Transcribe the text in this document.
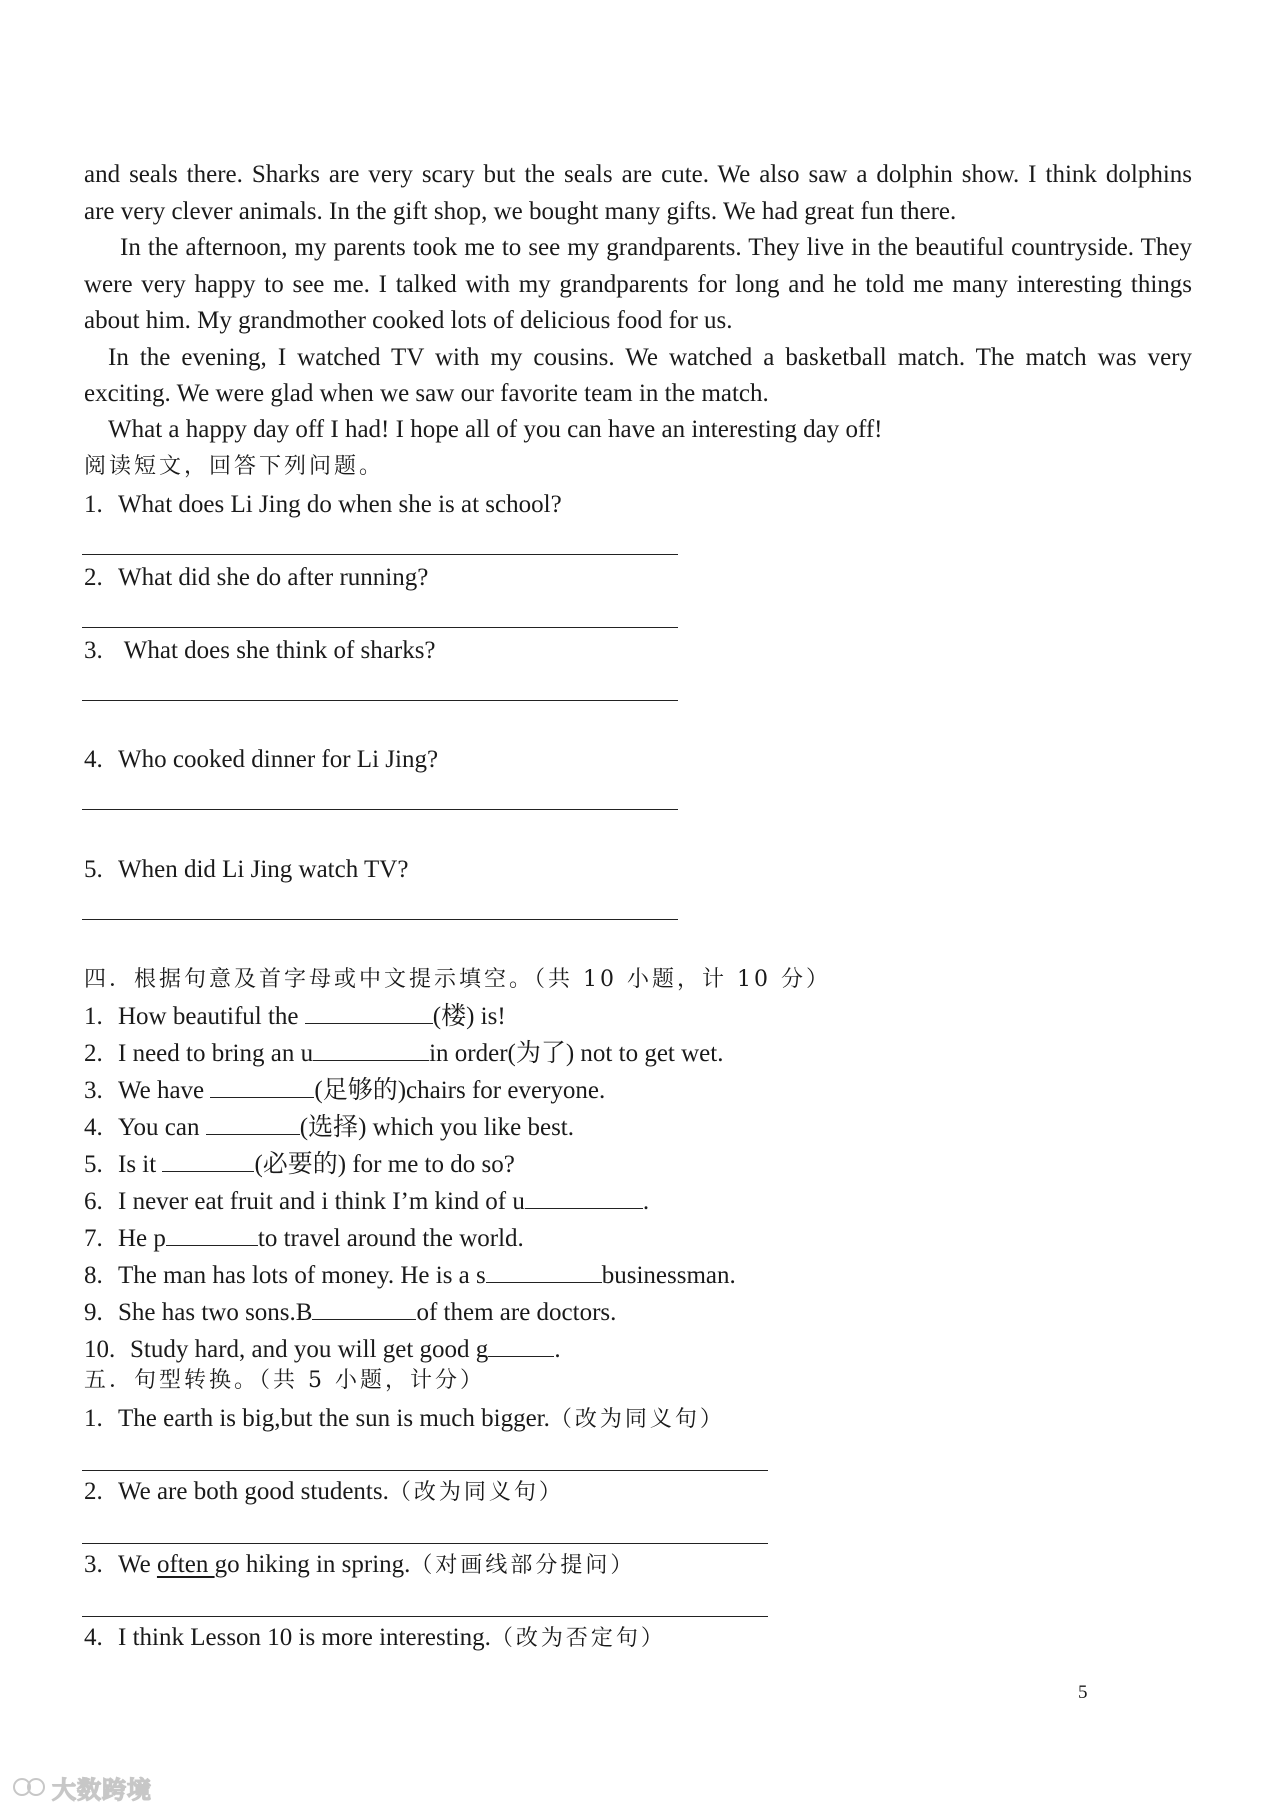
and seals there. Sharks are very scary but the seals are cute. We also saw a dolphin show. I think dolphins
are very clever animals. In the gift shop, we bought many gifts. We had great fun there.
In the afternoon, my parents took me to see my grandparents. They live in the beautiful countryside. They were very happy to see me. I talked with my grandparents for long and he told me many interesting things about him. My grandmother cooked lots of delicious food for us.
In the evening, I watched TV with my cousins. We watched a basketball match. The match was very
exciting. We were glad when we saw our favorite team in the match.
What a happy day off I had! I hope all of you can have an interesting day off!
阅读短文，回答下列问题。
1. What does Li Jing do when she is at school?
2. What did she do after running?
3. What does she think of sharks?
4. Who cooked dinner for Li Jing?
5. When did Li Jing watch TV?
四．根据句意及首字母或中文提示填空。（共 10 小题，计 10 分）
1. How beautiful the	(楼) is!
2. I need to bring an u	in order(为了) not to get wet.
3. We have	(足够的)chairs for everyone.
4. You can	(选择) which you like best.
5. Is it	(必要的) for me to do so?
6. I never eat fruit and i think I’m kind of u	.
7. He p	to travel around the world.
8. The man has lots of money. He is a s	businessman.
9. She has two sons.B	of them are doctors.
10. Study hard, and you will get good g	.
五．句型转换。（共 5 小题，计分）
1. The earth is big,but the sun is much bigger.（改为同义句）
2. We are both good students.（改为同义句）
3. We often go hiking in spring.（对画线部分提问）
4. I think Lesson 10 is more interesting.（改为否定句）
5
大数跨境
